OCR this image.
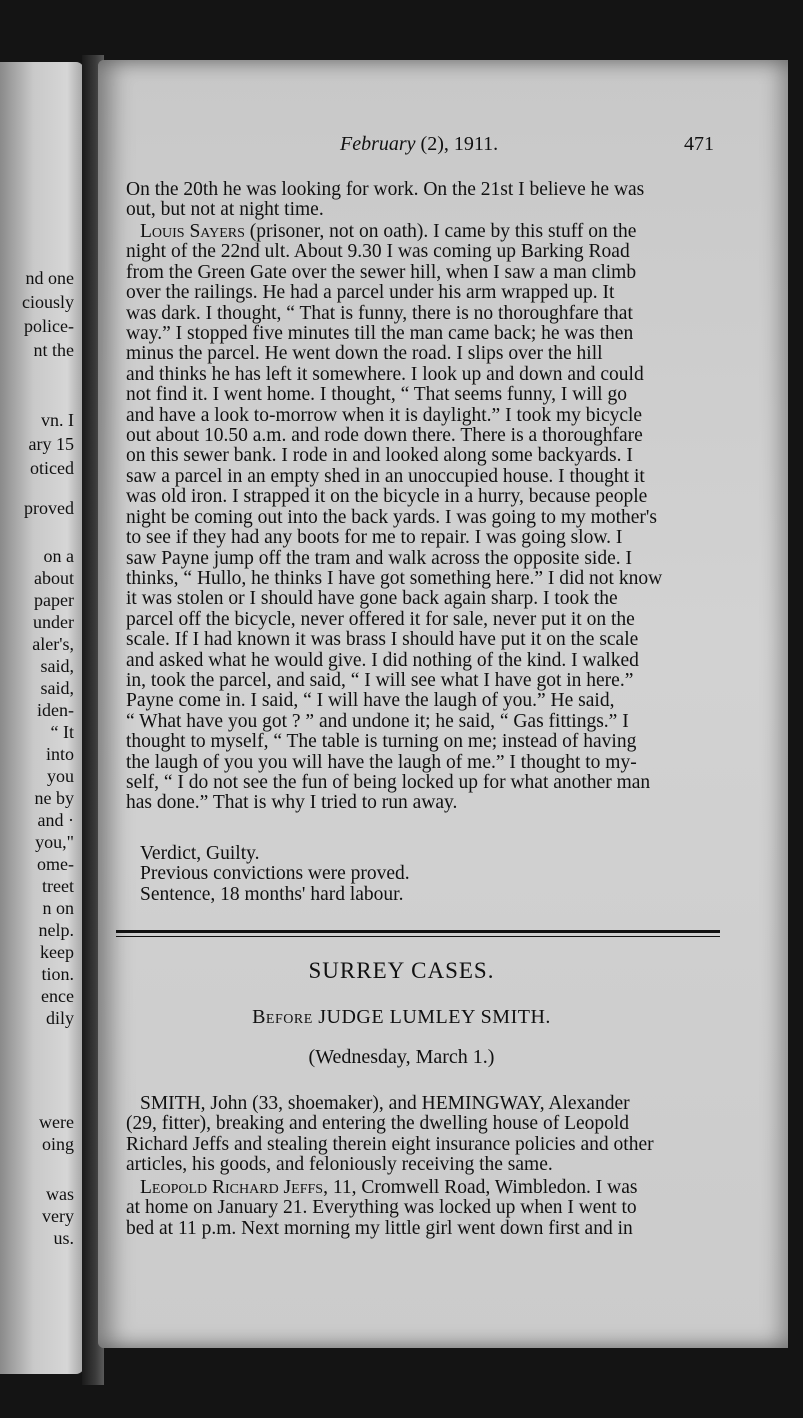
nd one
ciously
police-
nt the
vn. I
ary 15
oticed
proved
on a
about
paper
under
aler's,
said,
said,
iden-
“ It
into
you
ne by
and ·
you,"
ome-
treet
n on
nelp.
keep
tion.
ence
dily
were
oing
was
very
us.
February (2), 1911.	471
On the 20th he was looking for work. On the 21st I believe he was
out, but not at night time.
Louis Sayers (prisoner, not on oath). I came by this stuff on the
night of the 22nd ult. About 9.30 I was coming up Barking Road
from the Green Gate over the sewer hill, when I saw a man climb
over the railings. He had a parcel under his arm wrapped up. It
was dark. I thought, “ That is funny, there is no thoroughfare that
way.” I stopped five minutes till the man came back; he was then
minus the parcel. He went down the road. I slips over the hill
and thinks he has left it somewhere. I look up and down and could
not find it. I went home. I thought, “ That seems funny, I will go
and have a look to-morrow when it is daylight.” I took my bicycle
out about 10.50 a.m. and rode down there. There is a thoroughfare
on this sewer bank. I rode in and looked along some backyards. I
saw a parcel in an empty shed in an unoccupied house. I thought it
was old iron. I strapped it on the bicycle in a hurry, because people
night be coming out into the back yards. I was going to my mother's
to see if they had any boots for me to repair. I was going slow. I
saw Payne jump off the tram and walk across the opposite side. I
thinks, “ Hullo, he thinks I have got something here.” I did not know
it was stolen or I should have gone back again sharp. I took the
parcel off the bicycle, never offered it for sale, never put it on the
scale. If I had known it was brass I should have put it on the scale
and asked what he would give. I did nothing of the kind. I walked
in, took the parcel, and said, “ I will see what I have got in here.”
Payne come in. I said, “ I will have the laugh of you.” He said,
“ What have you got ? ” and undone it; he said, “ Gas fittings.” I
thought to myself, “ The table is turning on me; instead of having
the laugh of you you will have the laugh of me.” I thought to my-
self, “ I do not see the fun of being locked up for what another man
has done.” That is why I tried to run away.
Verdict, Guilty.
Previous convictions were proved.
Sentence, 18 months' hard labour.
SURREY CASES.
Before JUDGE LUMLEY SMITH.
(Wednesday, March 1.)
SMITH, John (33, shoemaker), and HEMINGWAY, Alexander
(29, fitter), breaking and entering the dwelling house of Leopold
Richard Jeffs and stealing therein eight insurance policies and other
articles, his goods, and feloniously receiving the same.
Leopold Richard Jeffs, 11, Cromwell Road, Wimbledon. I was
at home on January 21. Everything was locked up when I went to
bed at 11 p.m. Next morning my little girl went down first and in
